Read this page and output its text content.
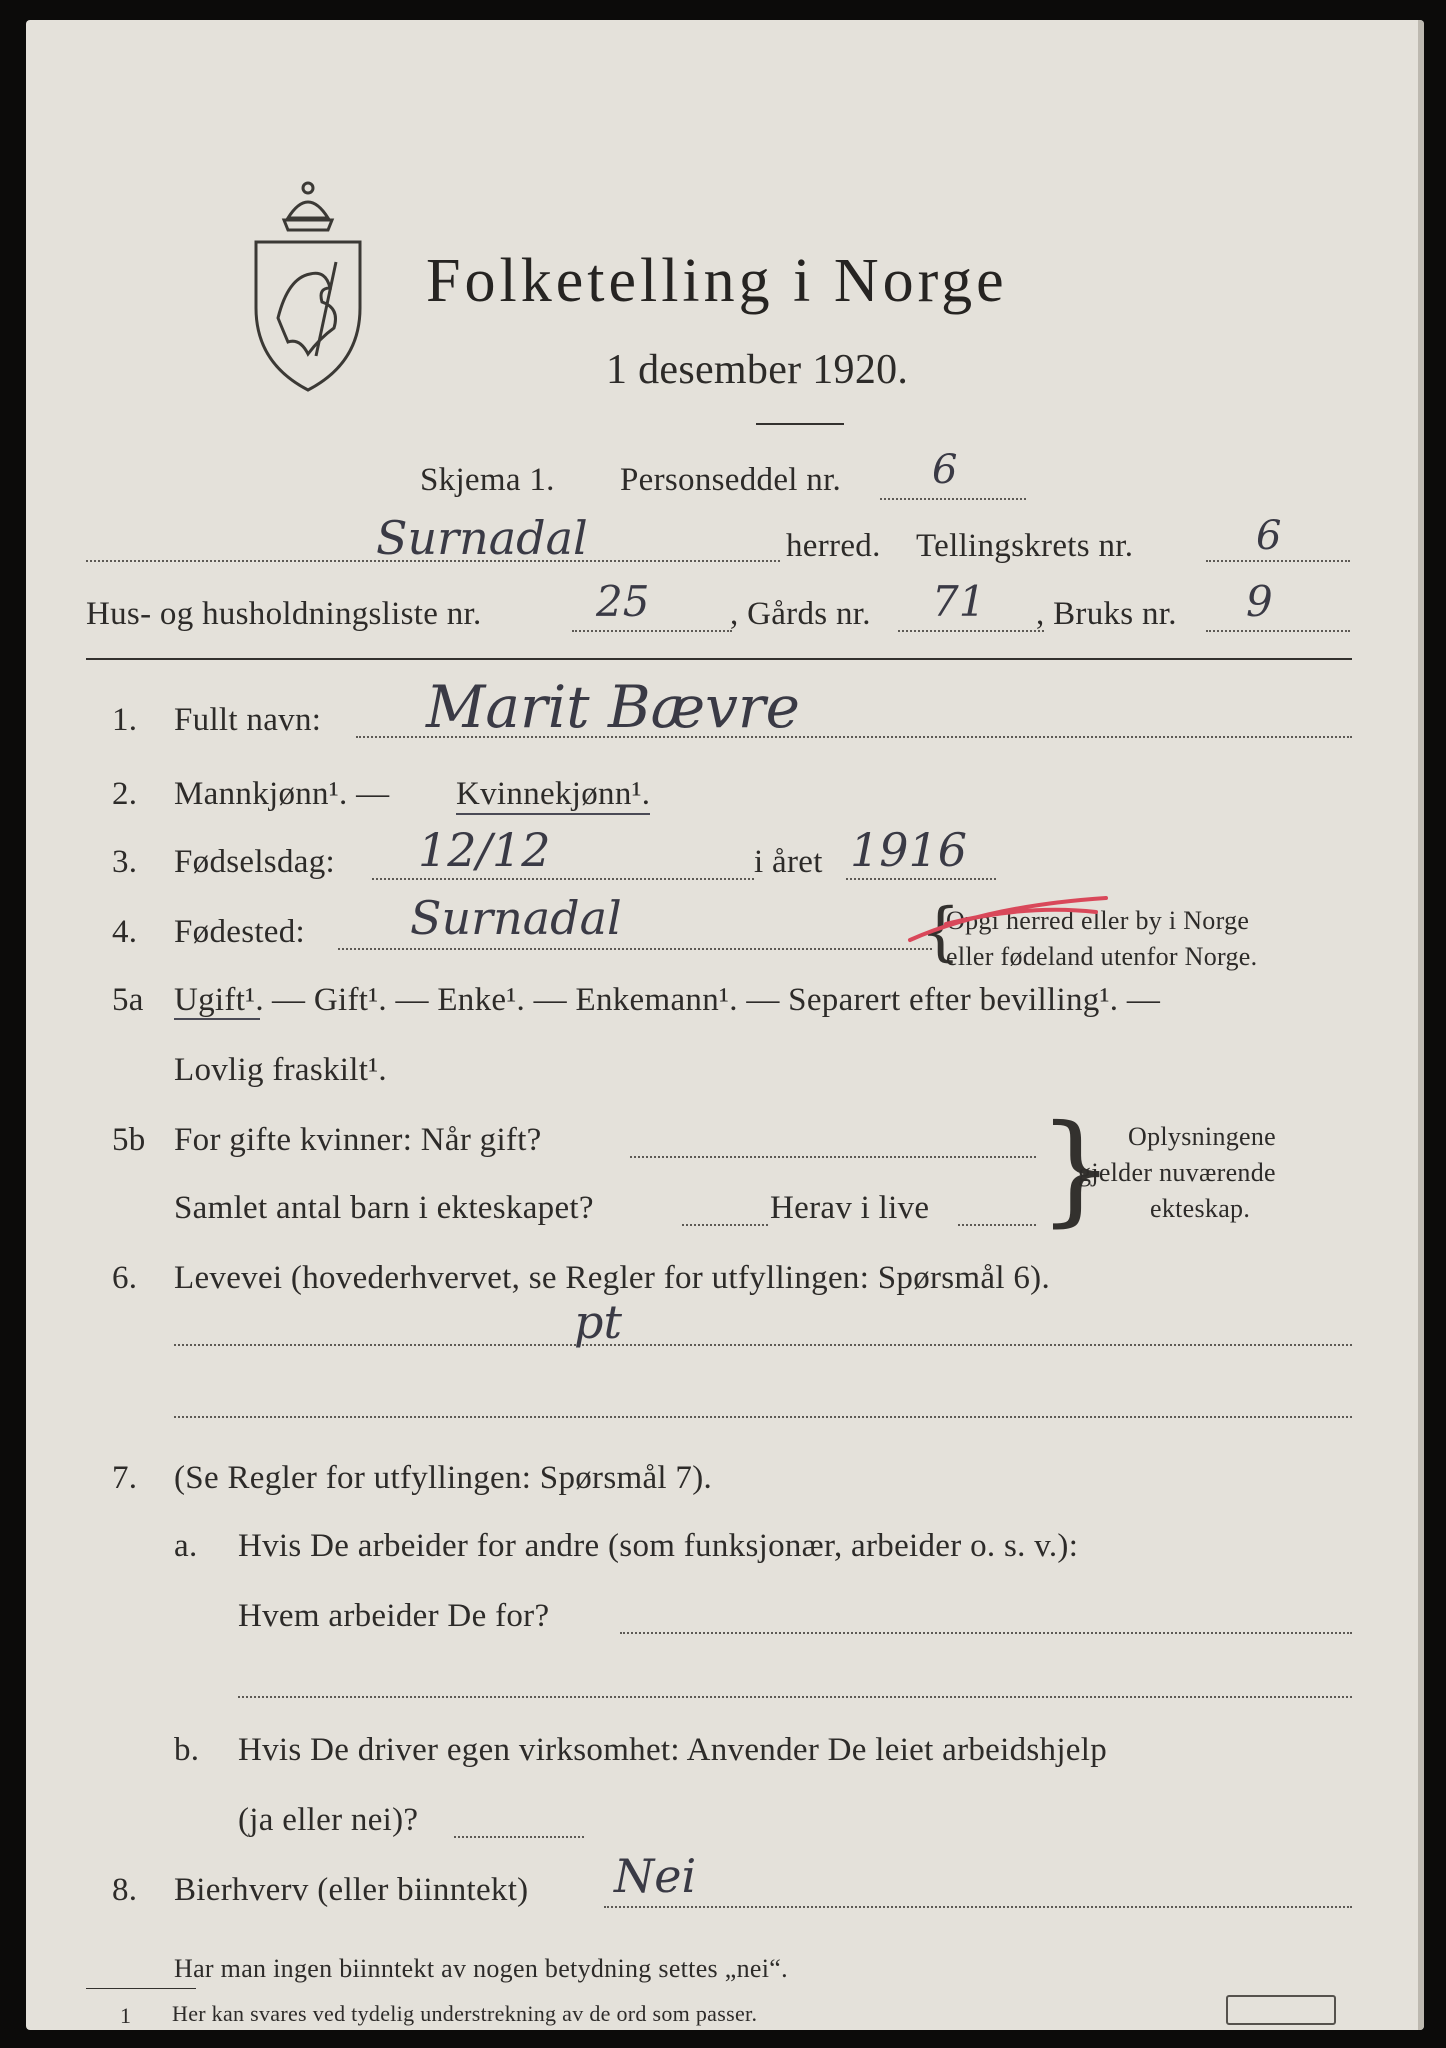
Folketelling i Norge
1 desember 1920.
Skjema 1. Personseddel nr. 6
Surnadal	herred. Tellingskrets nr.	6
Hus- og husholdningsliste nr.	25 , Gårds nr. 71 , Bruks nr. 9
1. Fullt navn: Marit Bævre
2. Mannkjønn¹. — Kvinnekjønn¹.
3. Fødselsdag: 12/12	i året 1916
4. Fødested: Surnadal	{
Opgi herred eller by i Norge
eller fødeland utenfor Norge.
5a Ugift¹. — Gift¹. — Enke¹. — Enkemann¹. — Separert efter bevilling¹. —
Lovlig fraskilt¹.
5b For gifte kvinner: Når gift?
Samlet antal barn i ekteskapet?	Herav i live } Oplysningene
gjelder nuværende
ekteskap.
6. Levevei (hovederhvervet, se Regler for utfyllingen: Spørsmål 6).
pt
7. (Se Regler for utfyllingen: Spørsmål 7).
a. Hvis De arbeider for andre (som funksjonær, arbeider o. s. v.):
Hvem arbeider De for?
b. Hvis De driver egen virksomhet: Anvender De leiet arbeidshjelp
(ja eller nei)?
8. Bierhverv (eller biinntekt) Nei
Har man ingen biinntekt av nogen betydning settes „nei“.
1 Her kan svares ved tydelig understrekning av de ord som passer.
